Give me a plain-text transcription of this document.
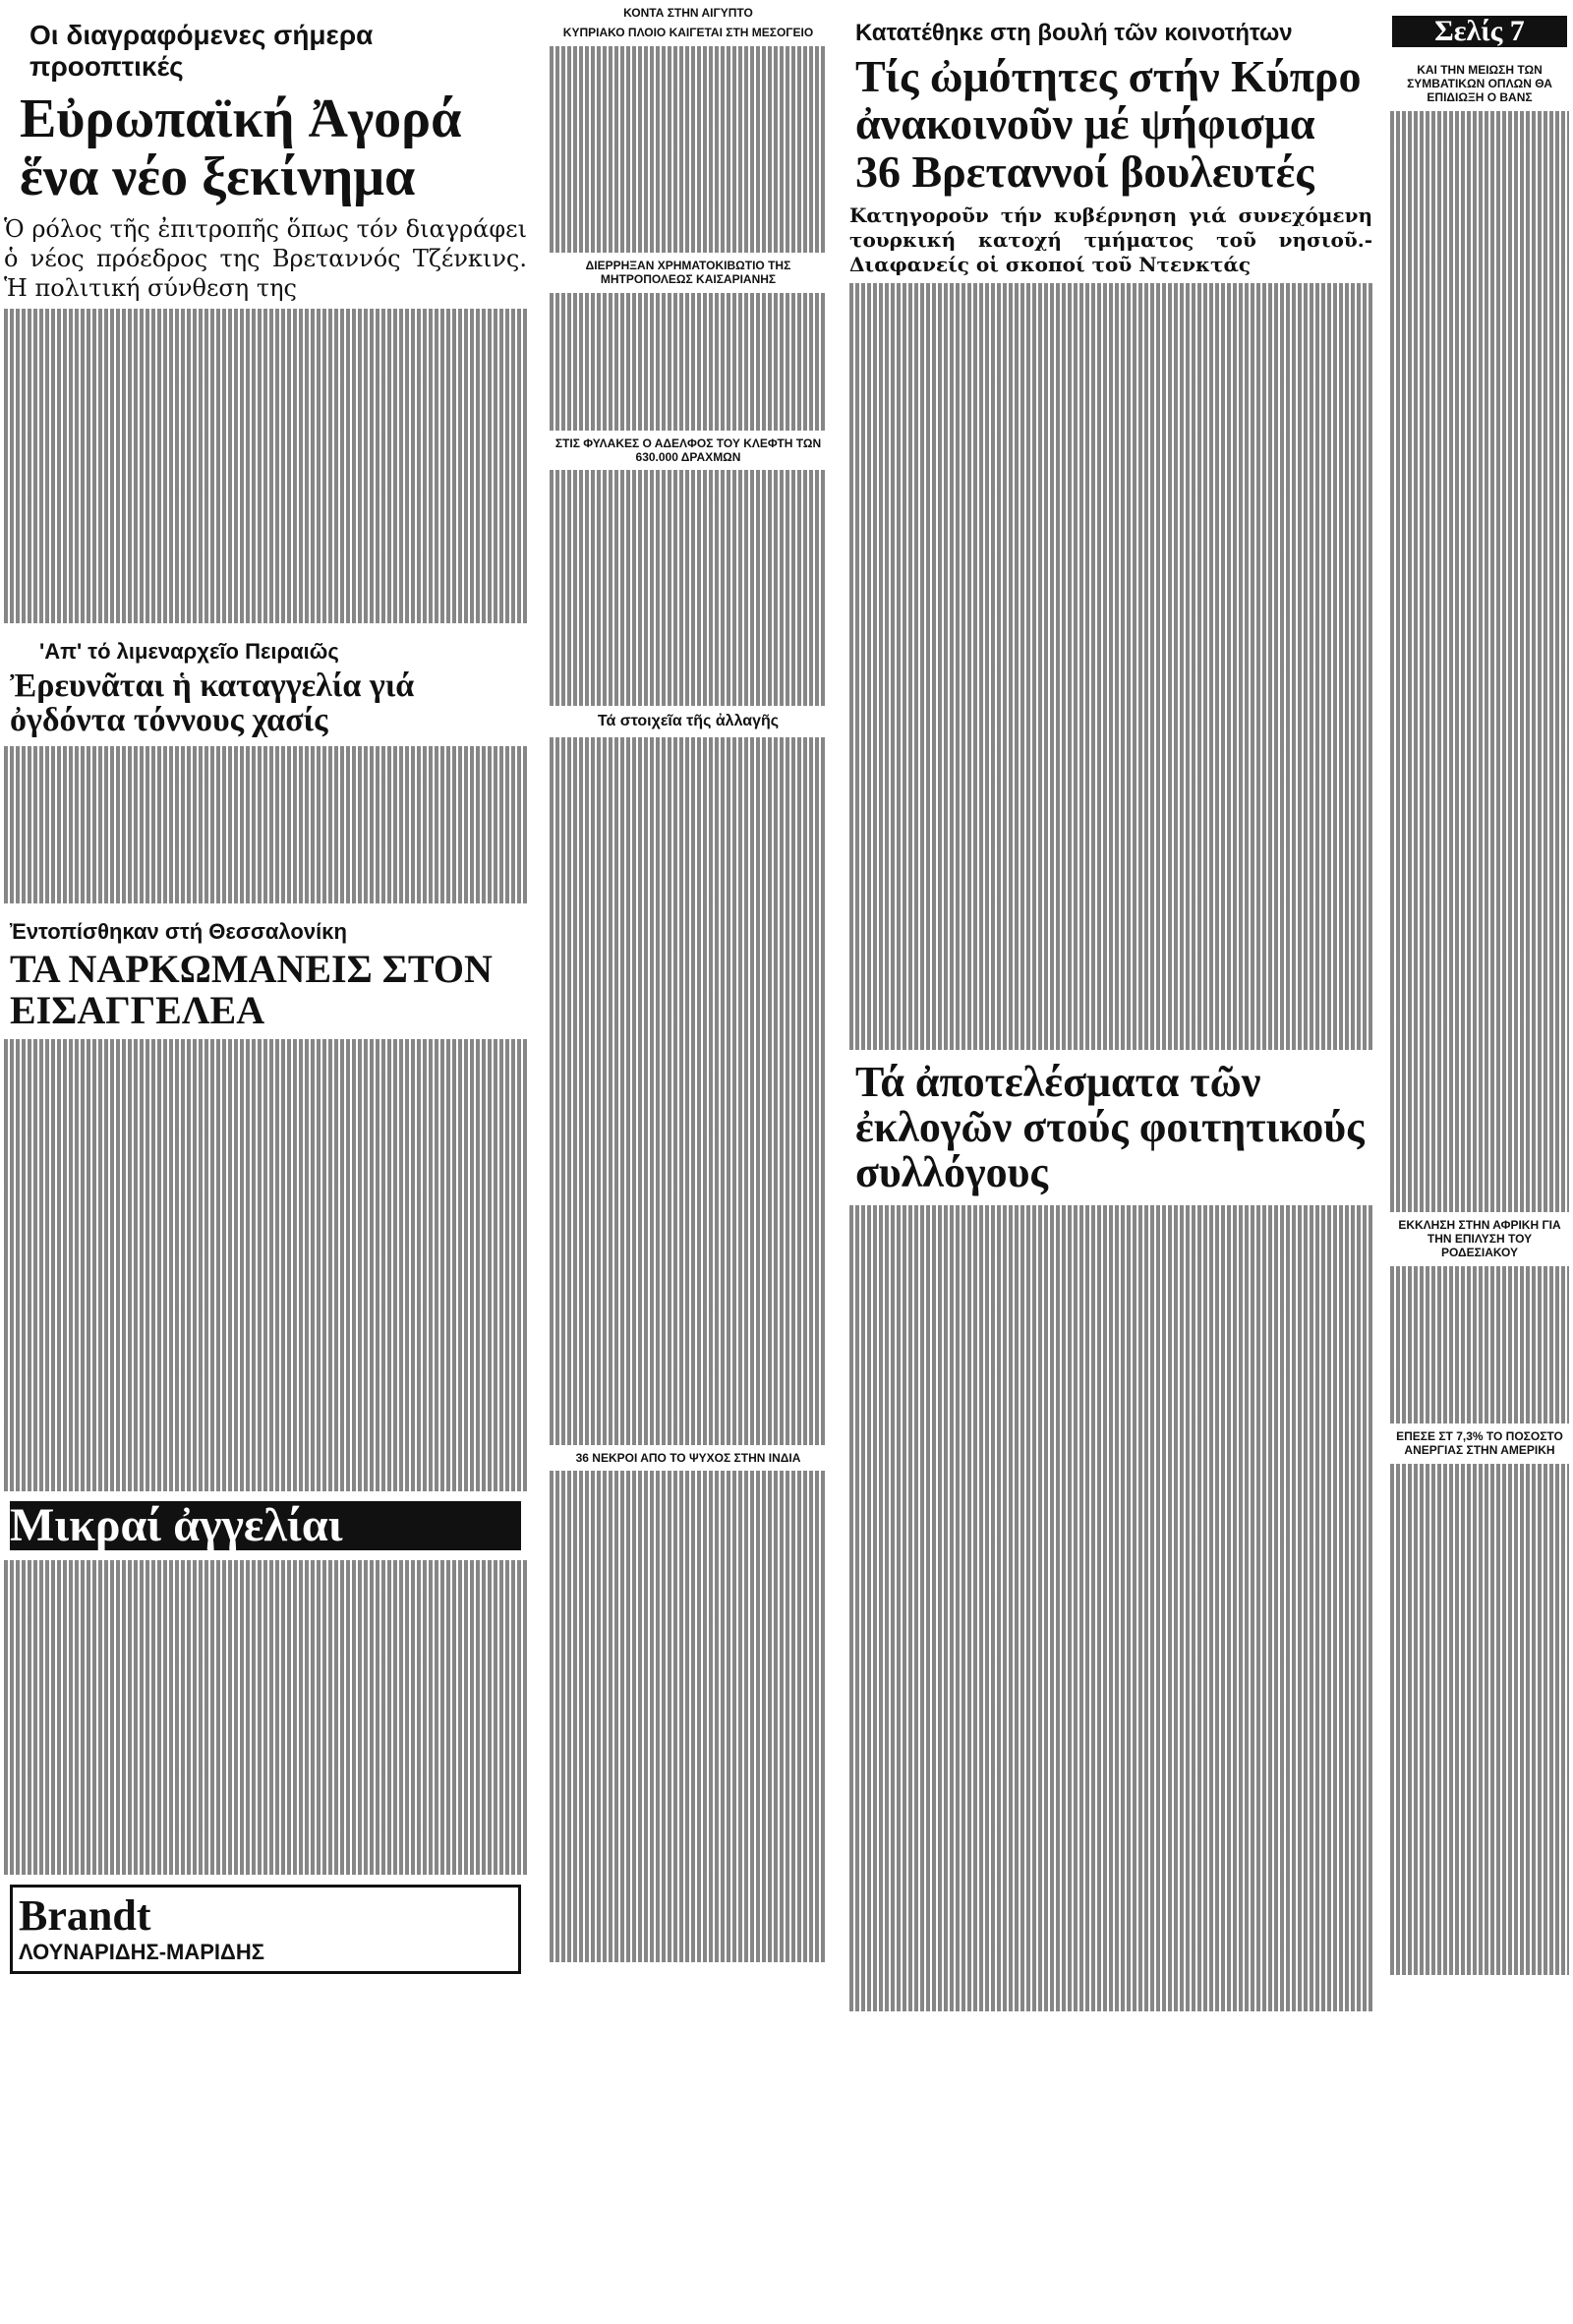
Οι διαγραφόμενες σήμερα προοπτικές

Εὐρωπαϊκή Ἀγορά ἕνα νέο ξεκίνημα

Ὁ ρόλος τῆς ἐπιτροπῆς ὅπως τόν διαγράφει ὁ νέος πρόεδρος της Βρεταννός Τζένκινς. Ἡ πολιτική σύνθεση της

'Απ' τό λιμεναρχεῖο Πειραιῶς

Ἐρευνᾶται ἡ καταγγελία γιά ὀγδόντα τόννους χασίς

Ἐντοπίσθηκαν στή Θεσσαλονίκη

ΤΑ ΝΑΡΚΩΜΑΝΕΙΣ ΣΤΟΝ ΕΙΣΑΓΓΕΛΕΑ

Μικραί ἀγγελίαι

Brandt

ΛΟΥΝΑΡΙΔΗΣ-ΜΑΡΙΔΗΣ

ΚΟΝΤΑ ΣΤΗΝ ΑΙΓΥΠΤΟ

ΚΥΠΡΙΑΚΟ ΠΛΟΙΟ ΚΑΙΓΕΤΑΙ ΣΤΗ ΜΕΣΟΓΕΙΟ

ΔΙΕΡΡΗΞΑΝ ΧΡΗΜΑΤΟΚΙΒΩΤΙΟ ΤΗΣ ΜΗΤΡΟΠΟΛΕΩΣ ΚΑΙΣΑΡΙΑΝΗΣ

ΣΤΙΣ ΦΥΛΑΚΕΣ Ο ΑΔΕΛΦΟΣ ΤΟΥ ΚΛΕΦΤΗ ΤΩΝ 630.000 ΔΡΑΧΜΩΝ

Τά στοιχεῖα τῆς ἀλλαγῆς

36 ΝΕΚΡΟΙ ΑΠΟ ΤΟ ΨΥΧΟΣ ΣΤΗΝ ΙΝΔΙΑ

Κατατέθηκε στη βουλή τῶν κοινοτήτων

Τίς ὠμότητες στήν Κύπρο ἀνακοινοῦν μέ ψήφισμα 36 Βρεταννοί βουλευτές

Κατηγοροῦν τήν κυβέρνηση γιά συνεχόμενη τουρκική κατοχή τμήματος τοῦ νησιοῦ.- Διαφανείς οἱ σκοποί τοῦ Ντενκτάς

Τά ἀποτελέσματα τῶν ἐκλογῶν στούς φοιτητικούς συλλόγους

Σελίς 7

ΚΑΙ ΤΗΝ ΜΕΙΩΣΗ ΤΩΝ ΣΥΜΒΑΤΙΚΩΝ ΟΠΛΩΝ ΘΑ ΕΠΙΔΙΩΞΗ Ο ΒΑΝΣ

ΕΚΚΛΗΣΗ ΣΤΗΝ ΑΦΡΙΚΗ ΓΙΑ ΤΗΝ ΕΠΙΛΥΣΗ ΤΟΥ ΡΟΔΕΣΙΑΚΟΥ

ΕΠΕΣΕ ΣΤ 7,3% ΤΟ ΠΟΣΟΣΤΟ ΑΝΕΡΓΙΑΣ ΣΤΗΝ ΑΜΕΡΙΚΗ
